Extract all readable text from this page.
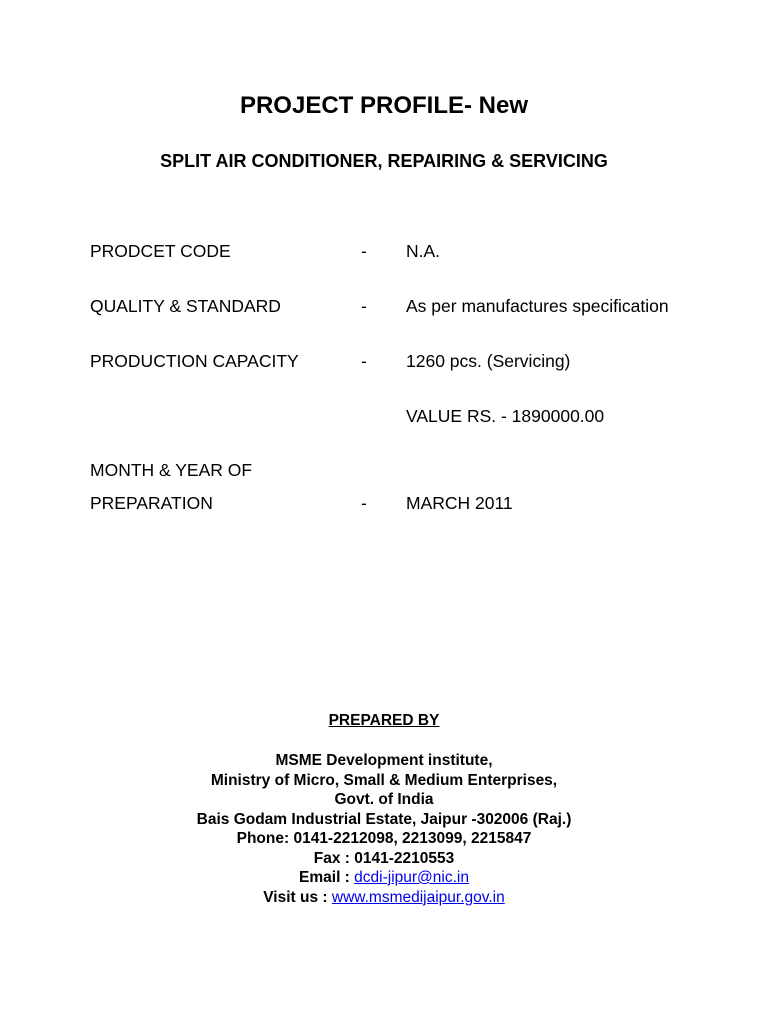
PROJECT PROFILE- New
SPLIT AIR CONDITIONER, REPAIRING & SERVICING
PRODCET CODE	- N.A.
QUALITY & STANDARD	- As per manufactures specification
PRODUCTION CAPACITY	- 1260 pcs. (Servicing)
VALUE RS. - 1890000.00
MONTH & YEAR OF
PREPARATION	- MARCH 2011
PREPARED BY
MSME Development institute,
Ministry of Micro, Small & Medium Enterprises,
Govt. of India
Bais Godam Industrial Estate, Jaipur -302006 (Raj.)
Phone: 0141-2212098, 2213099, 2215847
Fax : 0141-2210553
Email : dcdi-jipur@nic.in
Visit us : www.msmedijaipur.gov.in
